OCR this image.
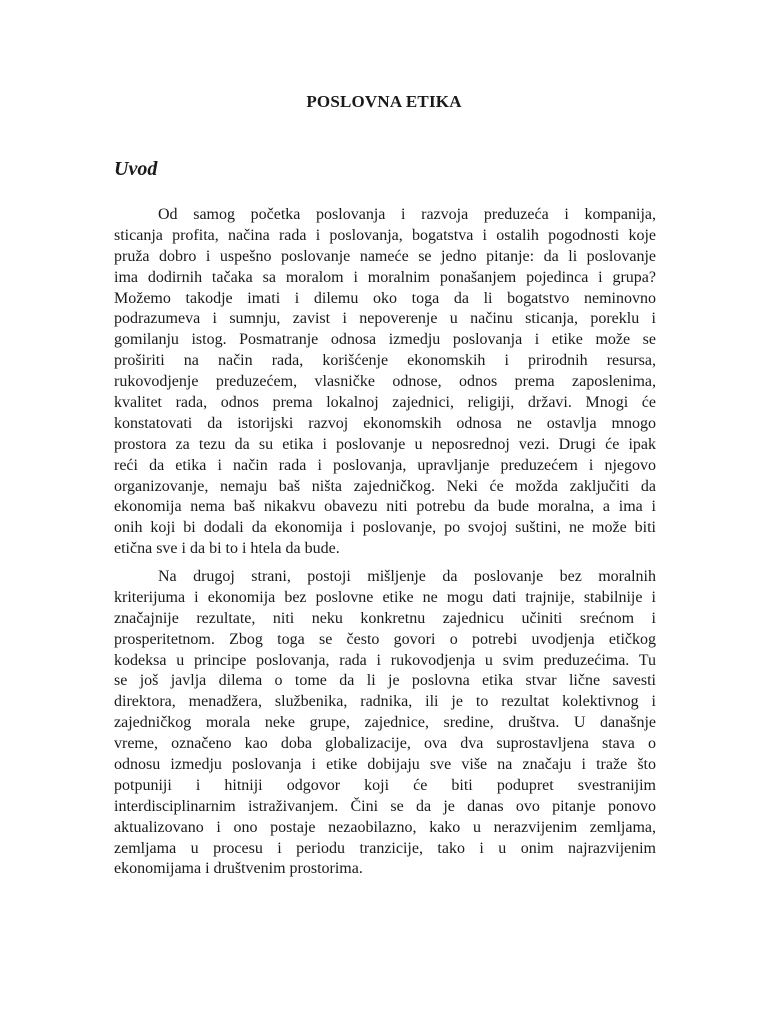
POSLOVNA ETIKA
Uvod
Od samog početka poslovanja i razvoja preduzeća i kompanija,
sticanja profita, načina rada i poslovanja, bogatstva i ostalih pogodnosti koje
pruža dobro i uspešno poslovanje nameće se jedno pitanje: da li poslovanje
ima dodirnih tačaka sa moralom i moralnim ponašanjem pojedinca i grupa?
Možemo takodje imati i dilemu oko toga da li bogatstvo neminovno
podrazumeva i sumnju, zavist i nepoverenje u načinu sticanja, poreklu i
gomilanju istog. Posmatranje odnosa izmedju poslovanja i etike može se
proširiti na način rada, korišćenje ekonomskih i prirodnih resursa,
rukovodjenje preduzećem, vlasničke odnose, odnos prema zaposlenima,
kvalitet rada, odnos prema lokalnoj zajednici, religiji, državi. Mnogi će
konstatovati da istorijski razvoj ekonomskih odnosa ne ostavlja mnogo
prostora za tezu da su etika i poslovanje u neposrednoj vezi. Drugi će ipak
reći da etika i način rada i poslovanja, upravljanje preduzećem i njegovo
organizovanje, nemaju baš ništa zajedničkog. Neki će možda zaključiti da
ekonomija nema baš nikakvu obavezu niti potrebu da bude moralna, a ima i
onih koji bi dodali da ekonomija i poslovanje, po svojoj suštini, ne može biti
etična sve i da bi to i htela da bude.
Na drugoj strani, postoji mišljenje da poslovanje bez moralnih
kriterijuma i ekonomija bez poslovne etike ne mogu dati trajnije, stabilnije i
značajnije rezultate, niti neku konkretnu zajednicu učiniti srećnom i
prosperitetnom. Zbog toga se često govori o potrebi uvodjenja etičkog
kodeksa u principe poslovanja, rada i rukovodjenja u svim preduzećima. Tu
se još javlja dilema o tome da li je poslovna etika stvar lične savesti
direktora, menadžera, službenika, radnika, ili je to rezultat kolektivnog i
zajedničkog morala neke grupe, zajednice, sredine, društva. U današnje
vreme, označeno kao doba globalizacije, ova dva suprostavljena stava o
odnosu izmedju poslovanja i etike dobijaju sve više na značaju i traže što
potpuniji i hitniji odgovor koji će biti podupret svestranijim
interdisciplinarnim istraživanjem. Čini se da je danas ovo pitanje ponovo
aktualizovano i ono postaje nezaobilazno, kako u nerazvijenim zemljama,
zemljama u procesu i periodu tranzicije, tako i u onim najrazvijenim
ekonomijama i društvenim prostorima.
